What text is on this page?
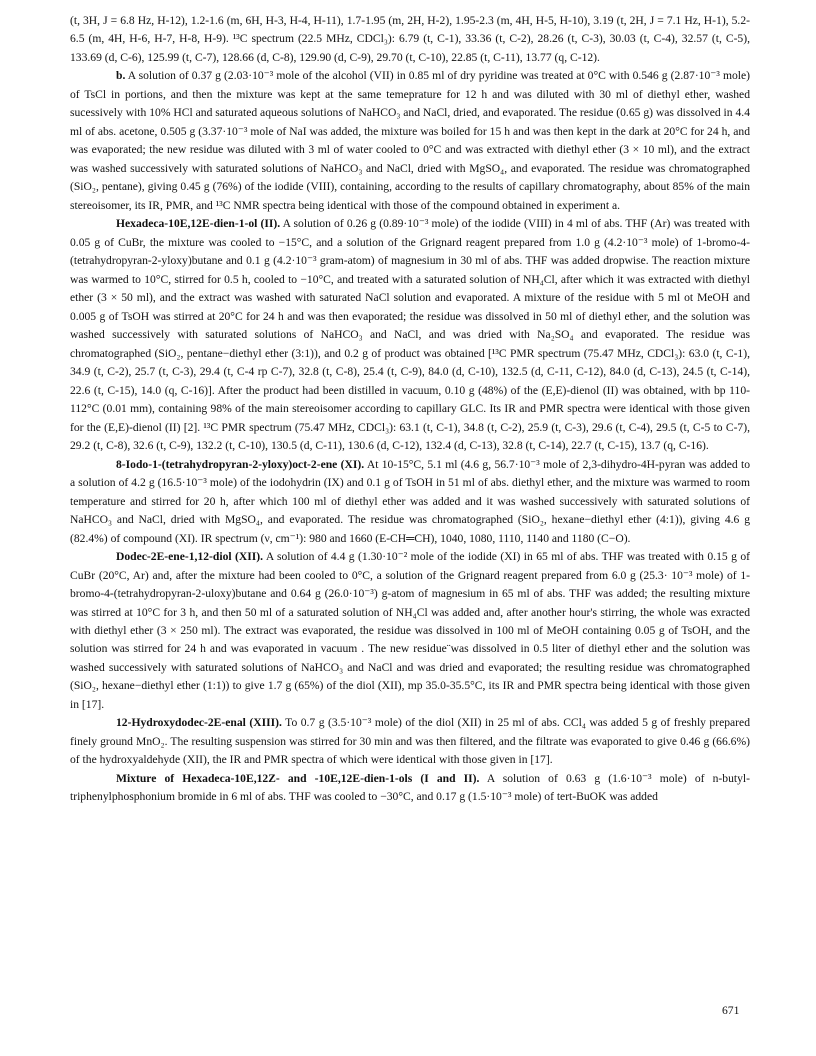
(t, 3H, J = 6.8 Hz, H-12), 1.2-1.6 (m, 6H, H-3, H-4, H-11), 1.7-1.95 (m, 2H, H-2), 1.95-2.3 (m, 4H, H-5, H-10), 3.19 (t, 2H, J = 7.1 Hz, H-1), 5.2-6.5 (m, 4H, H-6, H-7, H-8, H-9). ¹³C spectrum (22.5 MHz, CDCl₃): 6.79 (t, C-1), 33.36 (t, C-2), 28.26 (t, C-3), 30.03 (t, C-4), 32.57 (t, C-5), 133.69 (d, C-6), 125.99 (t, C-7), 128.66 (d, C-8), 129.90 (d, C-9), 29.70 (t, C-10), 22.85 (t, C-11), 13.77 (q, C-12).

b. A solution of 0.37 g (2.03·10⁻³ mole of the alcohol (VII) in 0.85 ml of dry pyridine was treated at 0°C with 0.546 g (2.87·10⁻³ mole) of TsCl in portions, and then the mixture was kept at the same temeprature for 12 h and was diluted with 30 ml of diethyl ether, washed sucessively with 10% HCl and saturated aqueous solutions of NaHCO₃ and NaCl, dried, and evaporated. The residue (0.65 g) was dissolved in 4.4 ml of abs. acetone, 0.505 g (3.37·10⁻³ mole of NaI was added, the mixture was boiled for 15 h and was then kept in the dark at 20°C for 24 h, and was evaporated; the new residue was diluted with 3 ml of water cooled to 0°C and was extracted with diethyl ether (3 × 10 ml), and the extract was washed successively with saturated solutions of NaHCO₃ and NaCl, dried with MgSO₄, and evaporated. The residue was chromatographed (SiO₂, pentane), giving 0.45 g (76%) of the iodide (VIII), containing, according to the results of capillary chromatography, about 85% of the main stereoisomer, its IR, PMR, and ¹³C NMR spectra being identical with those of the compound obtained in experiment a.

Hexadeca-10E,12E-dien-1-ol (II). A solution of 0.26 g (0.89·10⁻³ mole) of the iodide (VIII) in 4 ml of abs. THF (Ar) was treated with 0.05 g of CuBr, the mixture was cooled to −15°C, and a solution of the Grignard reagent prepared from 1.0 g (4.2·10⁻³ mole) of 1-bromo-4-(tetrahydropyran-2-yloxy)butane and 0.1 g (4.2·10⁻³ gram-atom) of magnesium in 30 ml of abs. THF was added dropwise. The reaction mixture was warmed to 10°C, stirred for 0.5 h, cooled to −10°C, and treated with a saturated solution of NH₄Cl, after which it was extracted with diethyl ether (3 × 50 ml), and the extract was washed with saturated NaCl solution and evaporated. A mixture of the residue with 5 ml ot MeOH and 0.005 g of TsOH was stirred at 20°C for 24 h and was then evaporated; the residue was dissolved in 50 ml of diethyl ether, and the solution was washed successively with saturated solutions of NaHCO₃ and NaCl, and was dried with Na₂SO₄ and evaporated. The residue was chromatographed (SiO₂, pentane−diethyl ether (3:1)), and 0.2 g of product was obtained [¹³C PMR spectrum (75.47 MHz, CDCl₃): 63.0 (t, C-1), 34.9 (t, C-2), 25.7 (t, C-3), 29.4 (t, C-4 rp C-7), 32.8 (t, C-8), 25.4 (t, C-9), 84.0 (d, C-10), 132.5 (d, C-11, C-12), 84.0 (d, C-13), 24.5 (t, C-14), 22.6 (t, C-15), 14.0 (q, C-16)]. After the product had been distilled in vacuum, 0.10 g (48%) of the (E,E)-dienol (II) was obtained, with bp 110-112°C (0.01 mm), containing 98% of the main stereoisomer according to capillary GLC. Its IR and PMR spectra were identical with those given for the (E,E)-dienol (II) [2]. ¹³C PMR spectrum (75.47 MHz, CDCl₃): 63.1 (t, C-1), 34.8 (t, C-2), 25.9 (t, C-3), 29.6 (t, C-4), 29.5 (t, C-5 to C-7), 29.2 (t, C-8), 32.6 (t, C-9), 132.2 (t, C-10), 130.5 (d, C-11), 130.6 (d, C-12), 132.4 (d, C-13), 32.8 (t, C-14), 22.7 (t, C-15), 13.7 (q, C-16).

8-Iodo-1-(tetrahydropyran-2-yloxy)oct-2-ene (XI). At 10-15°C, 5.1 ml (4.6 g, 56.7·10⁻³ mole of 2,3-dihydro-4H-pyran was added to a solution of 4.2 g (16.5·10⁻³ mole) of the iodohydrin (IX) and 0.1 g of TsOH in 51 ml of abs. diethyl ether, and the mixture was warmed to room temperature and stirred for 20 h, after which 100 ml of diethyl ether was added and it was washed successively with saturated solutions of NaHCO₃ and NaCl, dried with MgSO₄, and evaporated. The residue was chromatographed (SiO₂, hexane−diethyl ether (4:1)), giving 4.6 g (82.4%) of compound (XI). IR spectrum (ν, cm⁻¹): 980 and 1660 (E-CH═CH), 1040, 1080, 1110, 1140 and 1180 (C−O).

Dodec-2E-ene-1,12-diol (XII). A solution of 4.4 g (1.30·10⁻² mole of the iodide (XI) in 65 ml of abs. THF was treated with 0.15 g of CuBr (20°C, Ar) and, after the mixture had been cooled to 0°C, a solution of the Grignard reagent prepared from 6.0 g (25.3· 10⁻³ mole) of 1-bromo-4-(tetrahydropyran-2-uloxy)butane and 0.64 g (26.0·10⁻³) g-atom of magnesium in 65 ml of abs. THF was added; the resulting mixture was stirred at 10°C for 3 h, and then 50 ml of a saturated solution of NH₄Cl was added and, after another hour's stirring, the whole was exracted with diethyl ether (3 × 250 ml). The extract was evaporated, the residue was dissolved in 100 ml of MeOH containing 0.05 g of TsOH, and the solution was stirred for 24 h and was evaporated in vacuum . The new residue¨was dissolved in 0.5 liter of diethyl ether and the solution was washed successively with saturated solutions of NaHCO₃ and NaCl and was dried and evaporated; the resulting residue was chromatographed (SiO₂, hexane−diethyl ether (1:1)) to give 1.7 g (65%) of the diol (XII), mp 35.0-35.5°C, its IR and PMR spectra being identical with those given in [17].

12-Hydroxydodec-2E-enal (XIII). To 0.7 g (3.5·10⁻³ mole) of the diol (XII) in 25 ml of abs. CCl₄ was added 5 g of freshly prepared finely ground MnO₂. The resulting suspension was stirred for 30 min and was then filtered, and the filtrate was evaporated to give 0.46 g (66.6%) of the hydroxyaldehyde (XII), the IR and PMR spectra of which were identical with those given in [17].

Mixture of Hexadeca-10E,12Z- and -10E,12E-dien-1-ols (I and II). A solution of 0.63 g (1.6·10⁻³ mole) of n-butyl-triphenylphosphonium bromide in 6 ml of abs. THF was cooled to −30°C, and 0.17 g (1.5·10⁻³ mole) of tert-BuOK was added

671
